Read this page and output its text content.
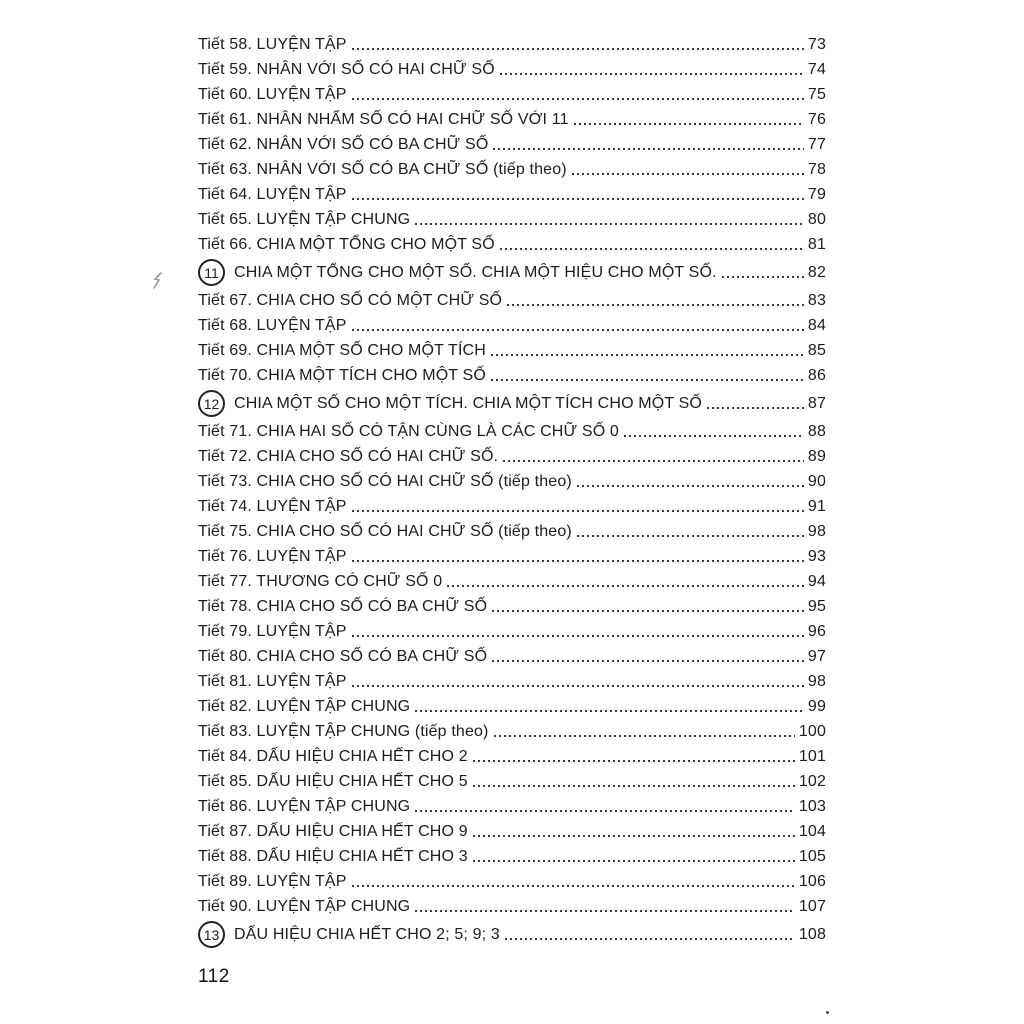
Tiết 58. LUYỆN TẬP	73
Tiết 59. NHÂN VỚI SỐ CÓ HAI CHỮ SỐ	74
Tiết 60. LUYỆN TẬP	75
Tiết 61. NHÂN NHẨM SỐ CÓ HAI CHỮ SỐ VỚI 11	76
Tiết 62. NHÂN VỚI SỐ CÓ BA CHỮ SỐ	77
Tiết 63. NHÂN VỚI SỐ CÓ BA CHỮ SỐ (tiếp theo)	78
Tiết 64. LUYỆN TẬP	79
Tiết 65. LUYỆN TẬP CHUNG	80
Tiết 66. CHIA MỘT TỔNG CHO MỘT SỐ	81
11 CHIA MỘT TỔNG CHO MỘT SỐ. CHIA MỘT HIỆU CHO MỘT SỐ.	82
Tiết 67. CHIA CHO SỐ CÓ MỘT CHỮ SỐ	83
Tiết 68. LUYỆN TẬP	84
Tiết 69. CHIA MỘT SỐ CHO MỘT TÍCH	85
Tiết 70. CHIA MỘT TÍCH CHO MỘT SỐ	86
12 CHIA MỘT SỐ CHO MỘT TÍCH. CHIA MỘT TÍCH CHO MỘT SỐ	87
Tiết 71. CHIA HAI SỐ CÓ TẬN CÙNG LÀ CÁC CHỮ SỐ 0	88
Tiết 72. CHIA CHO SỐ CÓ HAI CHỮ SỐ.	89
Tiết 73. CHIA CHO SỐ CÓ HAI CHỮ SỐ (tiếp theo)	90
Tiết 74. LUYỆN TẬP	91
Tiết 75. CHIA CHO SỐ CÓ HAI CHỮ SỐ (tiếp theo)	98
Tiết 76. LUYỆN TẬP	93
Tiết 77. THƯƠNG CÓ CHỮ SỐ 0	94
Tiết 78. CHIA CHO SỐ CÓ BA CHỮ SỐ	95
Tiết 79. LUYỆN TẬP	96
Tiết 80. CHIA CHO SỐ CÓ BA CHỮ SỐ	97
Tiết 81. LUYỆN TẬP	98
Tiết 82. LUYỆN TẬP CHUNG	99
Tiết 83. LUYỆN TẬP CHUNG (tiếp theo)	100
Tiết 84. DẤU HIỆU CHIA HẾT CHO 2	101
Tiết 85. DẤU HIỆU CHIA HẾT CHO 5	102
Tiết 86. LUYỆN TẬP CHUNG	103
Tiết 87. DẤU HIỆU CHIA HẾT CHO 9	104
Tiết 88. DẤU HIỆU CHIA HẾT CHO 3	105
Tiết 89. LUYỆN TẬP	106
Tiết 90. LUYỆN TẬP CHUNG	107
13 DẤU HIỆU CHIA HẾT CHO 2; 5; 9; 3	108
112
